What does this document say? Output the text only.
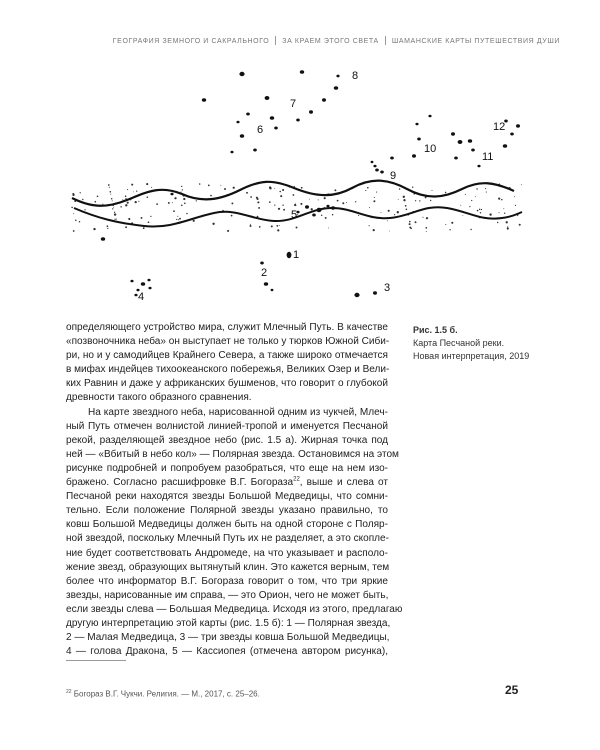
ГЕОГРАФИЯ ЗЕМНОГО И САКРАЛЬНОГО ЗА КРАЕМ ЭТОГО СВЕТА ШАМАНСКИЕ КАРТЫ ПУТЕШЕСТВИЯ ДУШИ
6
7
8
9
10
11
12
5
1
2
3
4
Рис. 1.5 б.
Карта Песчаной реки.
Новая интерпретация, 2019
определяющего устройство мира, служит Млечный Путь. В качестве
«позвоночника неба» он выступает не только у тюрков Южной Сиби-
ри, но и у самодийцев Крайнего Севера, а также широко отмечается
в мифах индейцев тихоокеанского побережья, Великих Озер и Вели-
ких Равнин и даже у африканских бушменов, что говорит о глубокой
древности такого образного сравнения.
На карте звездного неба, нарисованной одним из чукчей, Млеч-
ный Путь отмечен волнистой линией-тропой и именуется Песчаной
рекой, разделяющей звездное небо (рис. 1.5 а). Жирная точка под
ней — «Вбитый в небо кол» — Полярная звезда. Остановимся на этом
рисунке подробней и попробуем разобраться, что еще на нем изо-
бражено. Согласно расшифровке В.Г. Богораза$^{22}$, выше и слева от
Песчаной реки находятся звезды Большой Медведицы, что сомни-
тельно. Если положение Полярной звезды указано правильно, то
ковш Большой Медведицы должен быть на одной стороне с Поляр-
ной звездой, поскольку Млечный Путь их не разделяет, а это скопле-
ние будет соответствовать Андромеде, на что указывает и располо-
жение звезд, образующих вытянутый клин. Это кажется верным, тем
более что информатор В.Г. Богораза говорит о том, что три яркие
звезды, нарисованные им справа, — это Орион, чего не может быть,
если звезды слева — Большая Медведица. Исходя из этого, предлагаю
другую интерпретацию этой карты (рис. 1.5 б): 1 — Полярная звезда,
2 — Малая Медведица, 3 — три звезды ковша Большой Медведицы,
4 — голова Дракона, 5 — Кассиопея (отмечена автором рисунка),
$^{22}$ Богораз В.Г. Чукчи. Религия. — М., 2017, с. 25–26.	25
